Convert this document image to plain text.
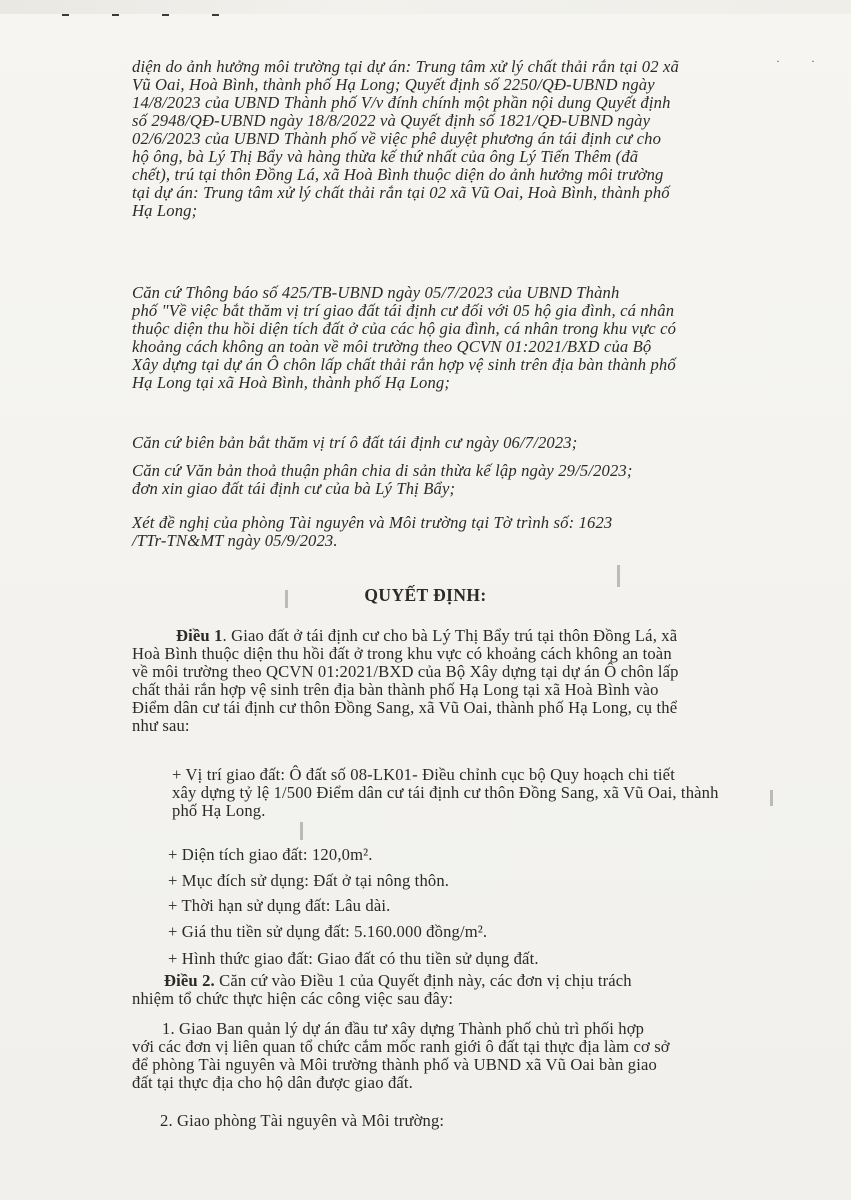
· ·

diện do ảnh hưởng môi trường tại dự án: Trung tâm xử lý chất thải rắn tại 02 xã
Vũ Oai, Hoà Bình, thành phố Hạ Long; Quyết định số 2250/QĐ-UBND ngày
14/8/2023 của UBND Thành phố V/v đính chính một phần nội dung Quyết định
số 2948/QĐ-UBND ngày 18/8/2022 và Quyết định số 1821/QĐ-UBND ngày
02/6/2023 của UBND Thành phố về việc phê duyệt phương án tái định cư cho
hộ ông, bà Lý Thị Bẩy và hàng thừa kế thứ nhất của ông Lý Tiến Thêm (đã
chết), trú tại thôn Đồng Lá, xã Hoà Bình thuộc diện do ảnh hưởng môi trường
tại dự án: Trung tâm xử lý chất thải rắn tại 02 xã Vũ Oai, Hoà Bình, thành phố
Hạ Long;

Căn cứ Thông báo số 425/TB-UBND ngày 05/7/2023 của UBND Thành
phố "Về việc bắt thăm vị trí giao đất tái định cư đối với 05 hộ gia đình, cá nhân
thuộc diện thu hồi diện tích đất ở của các hộ gia đình, cá nhân trong khu vực có
khoảng cách không an toàn về môi trường theo QCVN 01:2021/BXD của Bộ
Xây dựng tại dự án Ô chôn lấp chất thải rắn hợp vệ sinh trên địa bàn thành phố
Hạ Long tại xã Hoà Bình, thành phố Hạ Long;

Căn cứ biên bản bắt thăm vị trí ô đất tái định cư ngày 06/7/2023;

Căn cứ Văn bản thoả thuận phân chia di sản thừa kế lập ngày 29/5/2023;
đơn xin giao đất tái định cư của bà Lý Thị Bẩy;

Xét đề nghị của phòng Tài nguyên và Môi trường tại Tờ trình số: 1623
/TTr-TN&MT ngày 05/9/2023.

QUYẾT ĐỊNH:

Điều 1. Giao đất ở tái định cư cho bà Lý Thị Bẩy trú tại thôn Đồng Lá, xã
Hoà Bình thuộc diện thu hồi đất ở trong khu vực có khoảng cách không an toàn
về môi trường theo QCVN 01:2021/BXD của Bộ Xây dựng tại dự án Ô chôn lấp
chất thải rắn hợp vệ sinh trên địa bàn thành phố Hạ Long tại xã Hoà Bình vào
Điểm dân cư tái định cư thôn Đồng Sang, xã Vũ Oai, thành phố Hạ Long, cụ thể
như sau:

+ Vị trí giao đất: Ô đất số 08-LK01- Điều chỉnh cục bộ Quy hoạch chi tiết
xây dựng tỷ lệ 1/500 Điểm dân cư tái định cư thôn Đồng Sang, xã Vũ Oai, thành
phố Hạ Long.

+ Diện tích giao đất: 120,0m².

+ Mục đích sử dụng: Đất ở tại nông thôn.

+ Thời hạn sử dụng đất: Lâu dài.

+ Giá thu tiền sử dụng đất: 5.160.000 đồng/m².

+ Hình thức giao đất: Giao đất có thu tiền sử dụng đất.

Điều 2. Căn cứ vào Điều 1 của Quyết định này, các đơn vị chịu trách
nhiệm tổ chức thực hiện các công việc sau đây:

1. Giao Ban quản lý dự án đầu tư xây dựng Thành phố chủ trì phối hợp
với các đơn vị liên quan tổ chức cắm mốc ranh giới ô đất tại thực địa làm cơ sở
để phòng Tài nguyên và Môi trường thành phố và UBND xã Vũ Oai bàn giao
đất tại thực địa cho hộ dân được giao đất.

2. Giao phòng Tài nguyên và Môi trường:
